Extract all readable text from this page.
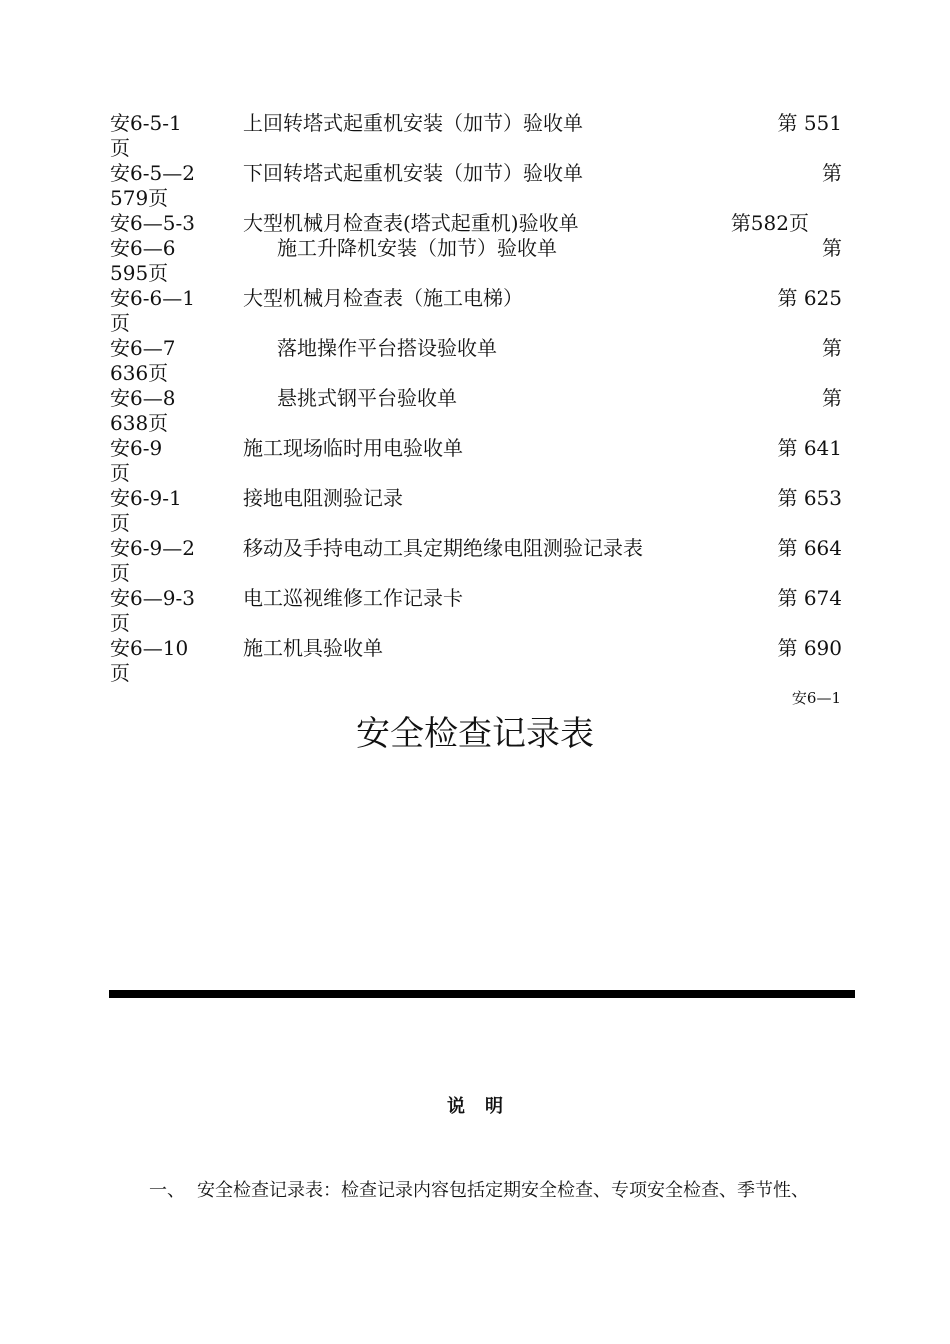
安6-5-1	上回转塔式起重机安装（加节）验收单	第 551
页
安6-5—2 下回转塔式起重机安装（加节）验收单	第
579页
安6—5-3 大型机械月检查表(塔式起重机)验收单	第582页
安6—6	施工升降机安装（加节）验收单	第
595页
安6-6—1 大型机械月检查表（施工电梯）	第 625
页
安6—7	落地操作平台搭设验收单	第
636页
安6—8	悬挑式钢平台验收单	第
638页
安6-9	施工现场临时用电验收单	第 641
页
安6-9-1	接地电阻测验记录	第 653
页
安6-9—2 移动及手持电动工具定期绝缘电阻测验记录表	第 664
页
安6—9-3 电工巡视维修工作记录卡	第 674
页
安6—10	施工机具验收单	第 690
页
安6—1
安全检查记录表
说明
一、 安全检查记录表：检查记录内容包括定期安全检查、专项安全检查、季节性、
